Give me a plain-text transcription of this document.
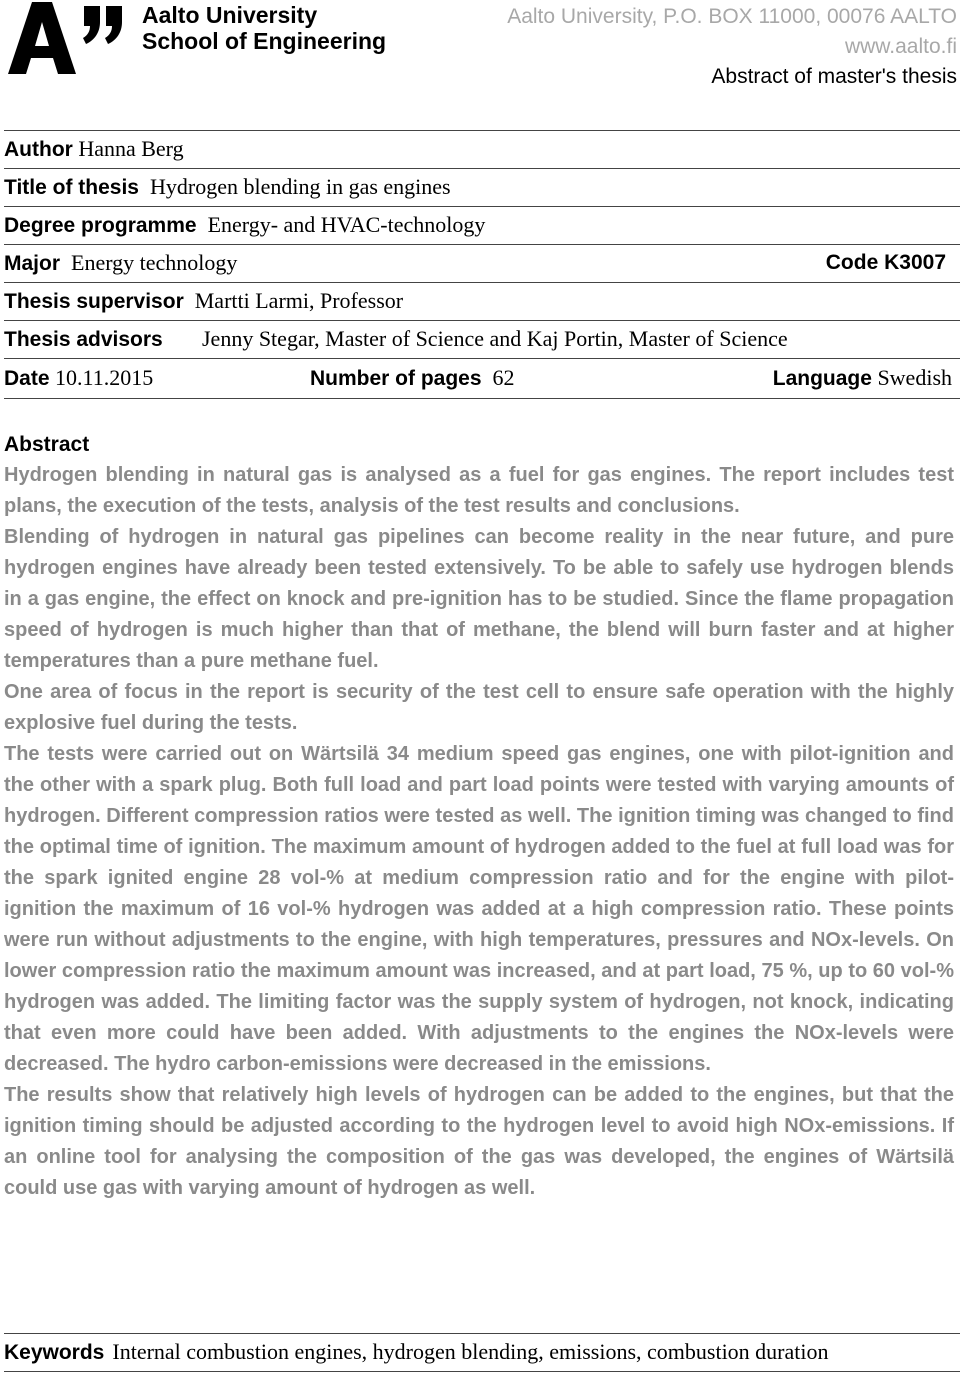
Aalto University
School of Engineering
Aalto University, P.O. BOX 11000, 00076 AALTO
www.aalto.fi
Abstract of master's thesis
Author Hanna Berg
Title of thesis Hydrogen blending in gas engines
Degree programme Energy- and HVAC-technology
Major Energy technology	Code K3007
Thesis supervisor Martti Larmi, Professor
Thesis advisors Jenny Stegar, Master of Science and Kaj Portin, Master of Science
Date 10.11.2015	Number of pages 62	Language Swedish
Abstract

Hydrogen blending in natural gas is analysed as a fuel for gas engines. The report includes test plans, the execution of the tests, analysis of the test results and conclusions.

Blending of hydrogen in natural gas pipelines can become reality in the near future, and pure hydrogen engines have already been tested extensively. To be able to safely use hydrogen blends in a gas engine, the effect on knock and pre-ignition has to be studied. Since the flame propagation speed of hydrogen is much higher than that of methane, the blend will burn faster and at higher temperatures than a pure methane fuel.

One area of focus in the report is security of the test cell to ensure safe operation with the highly explosive fuel during the tests.

The tests were carried out on Wärtsilä 34 medium speed gas engines, one with pilot-ignition and the other with a spark plug. Both full load and part load points were tested with varying amounts of hydrogen. Different compression ratios were tested as well. The ignition timing was changed to find the optimal time of ignition. The maximum amount of hydrogen added to the fuel at full load was for the spark ignited engine 28 vol-% at medium compression ratio and for the engine with pilot-ignition the maximum of 16 vol-% hydrogen was added at a high compression ratio. These points were run without adjustments to the engine, with high temperatures, pressures and NOx-levels. On lower compression ratio the maximum amount was increased, and at part load, 75 %, up to 60 vol-% hydrogen was added. The limiting factor was the supply system of hydrogen, not knock, indicating that even more could have been added. With adjustments to the engines the NOx-levels were decreased. The hydro carbon-emissions were decreased in the emissions.

The results show that relatively high levels of hydrogen can be added to the engines, but that the ignition timing should be adjusted according to the hydrogen level to avoid high NOx-emissions. If an online tool for analysing the composition of the gas was developed, the engines of Wärtsilä could use gas with varying amount of hydrogen as well.

Keywords Internal combustion engines, hydrogen blending, emissions, combustion duration
